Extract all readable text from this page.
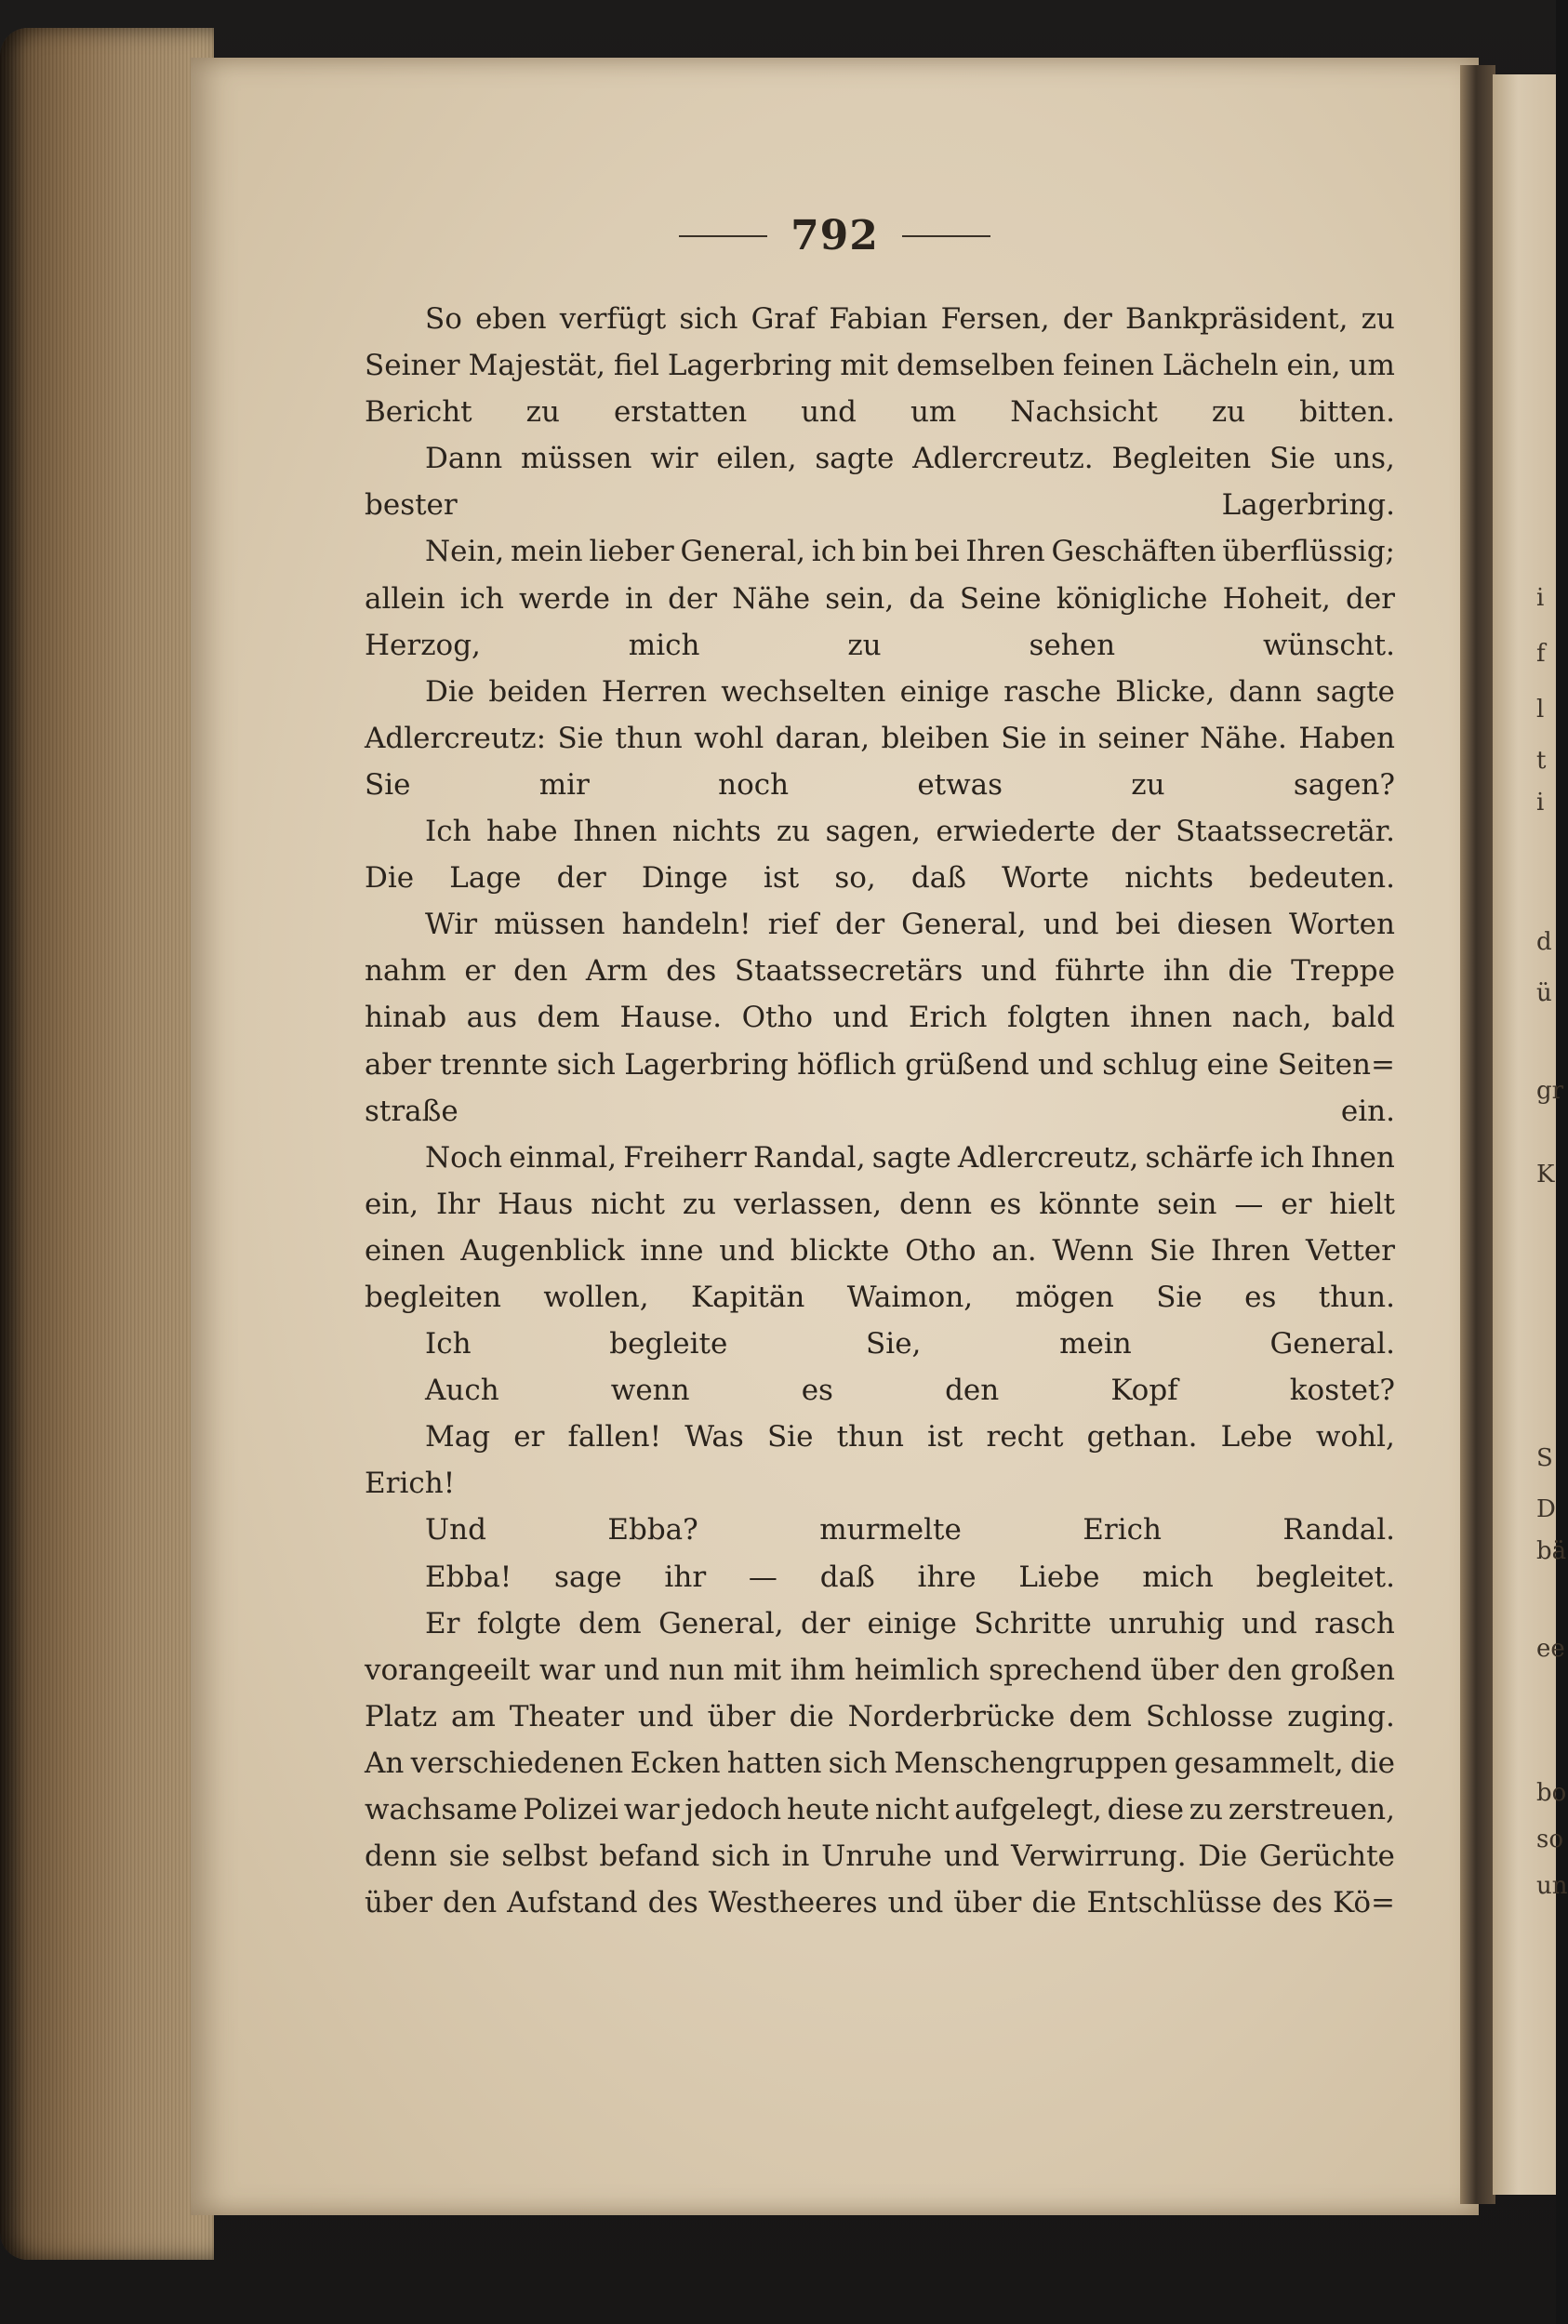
i
f
l
t
i
d
ü
gr
K
S
D
bä
ee
bo
so
un
792

So eben verfügt sich Graf Fabian Fersen, der Bankpräsident, zu
Seiner Majestät, fiel Lagerbring mit demselben feinen Lächeln ein, um
Bericht zu erstatten und um Nachsicht zu bitten.

Dann müssen wir eilen, sagte Adlercreutz. Begleiten Sie uns,
bester Lagerbring.

Nein, mein lieber General, ich bin bei Ihren Geschäften überflüssig;
allein ich werde in der Nähe sein, da Seine königliche Hoheit, der
Herzog, mich zu sehen wünscht.

Die beiden Herren wechselten einige rasche Blicke, dann sagte
Adlercreutz: Sie thun wohl daran, bleiben Sie in seiner Nähe. Haben
Sie mir noch etwas zu sagen?

Ich habe Ihnen nichts zu sagen, erwiederte der Staatssecretär.
Die Lage der Dinge ist so, daß Worte nichts bedeuten.

Wir müssen handeln! rief der General, und bei diesen Worten
nahm er den Arm des Staatssecretärs und führte ihn die Treppe
hinab aus dem Hause. Otho und Erich folgten ihnen nach, bald
aber trennte sich Lagerbring höflich grüßend und schlug eine Seiten=
straße ein.

Noch einmal, Freiherr Randal, sagte Adlercreutz, schärfe ich Ihnen
ein, Ihr Haus nicht zu verlassen, denn es könnte sein — er hielt
einen Augenblick inne und blickte Otho an. Wenn Sie Ihren Vetter
begleiten wollen, Kapitän Waimon, mögen Sie es thun.

Ich begleite Sie, mein General.

Auch wenn es den Kopf kostet?

Mag er fallen! Was Sie thun ist recht gethan. Lebe wohl,
Erich!

Und Ebba? murmelte Erich Randal.

Ebba! sage ihr — daß ihre Liebe mich begleitet.

Er folgte dem General, der einige Schritte unruhig und rasch
vorangeeilt war und nun mit ihm heimlich sprechend über den großen
Platz am Theater und über die Norderbrücke dem Schlosse zuging.
An verschiedenen Ecken hatten sich Menschengruppen gesammelt, die
wachsame Polizei war jedoch heute nicht aufgelegt, diese zu zerstreuen,
denn sie selbst befand sich in Unruhe und Verwirrung. Die Gerüchte
über den Aufstand des Westheeres und über die Entschlüsse des Kö=
